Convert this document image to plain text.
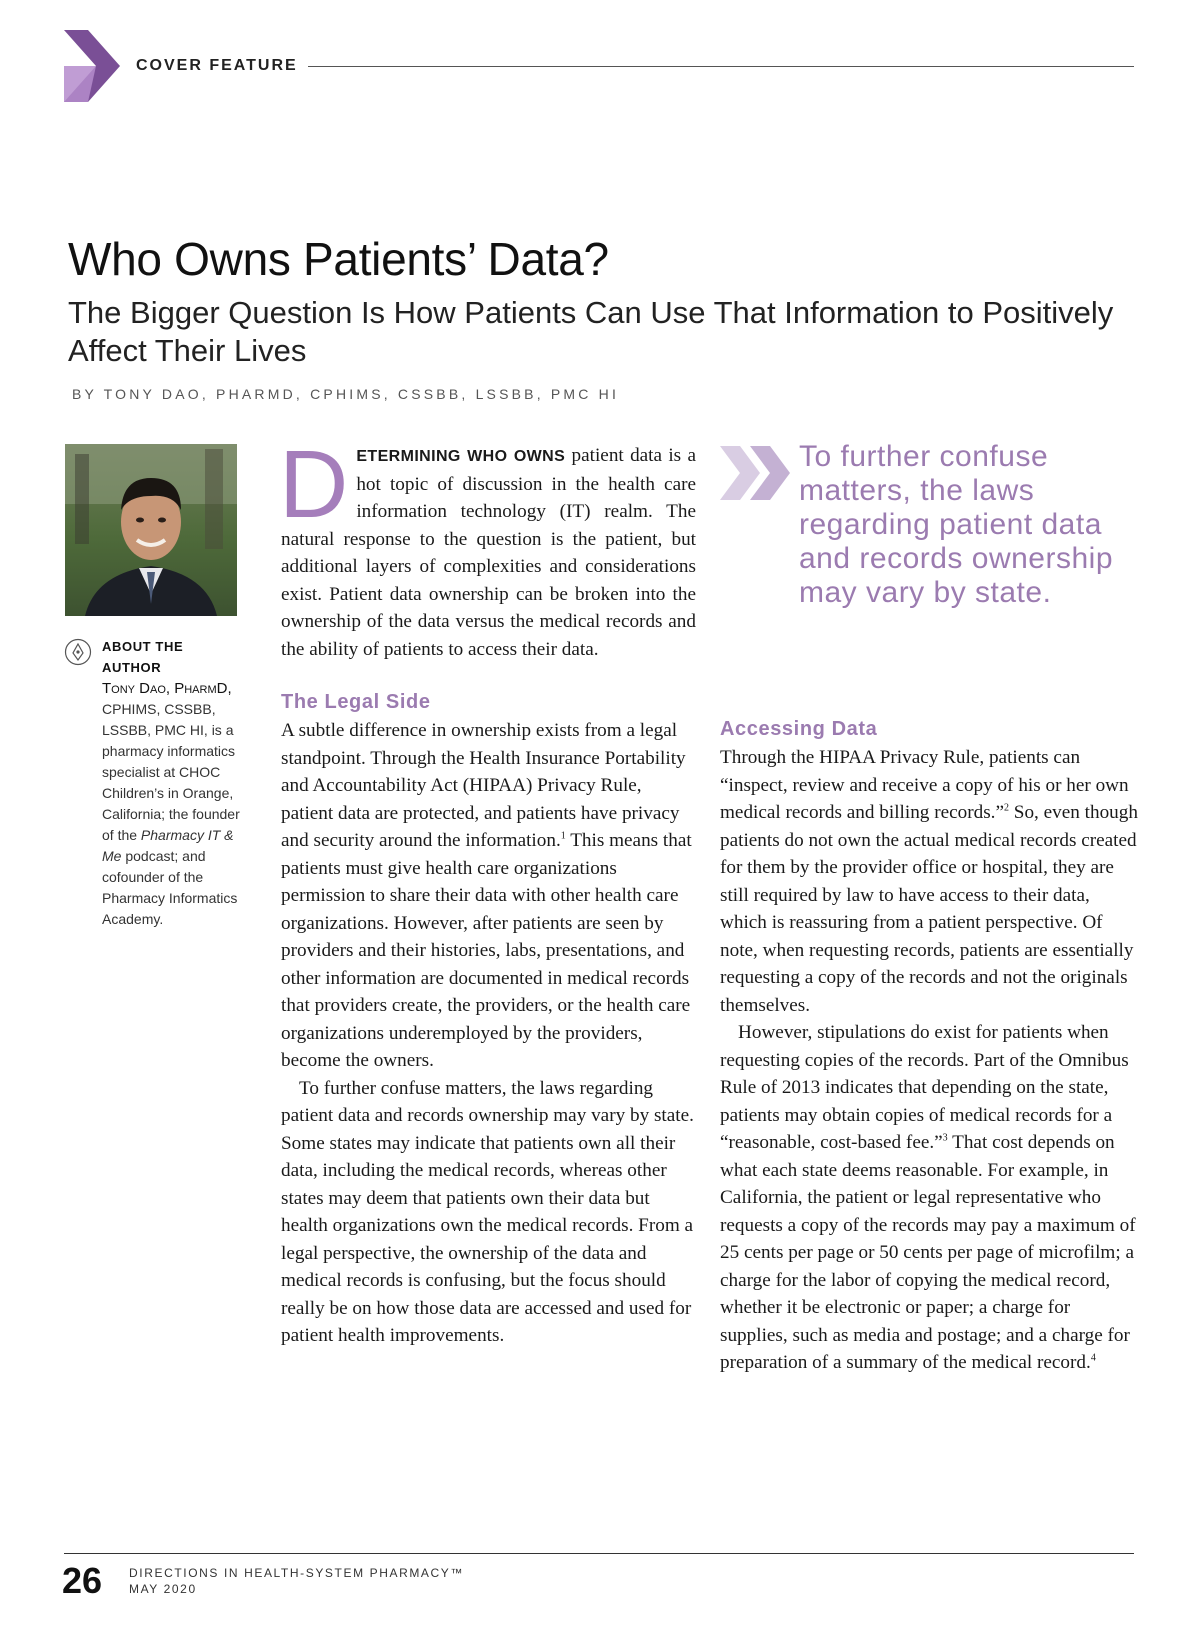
COVER FEATURE
Who Owns Patients’ Data?
The Bigger Question Is How Patients Can Use That Information to Positively Affect Their Lives
BY TONY DAO, PHARMD, CPHIMS, CSSBB, LSSBB, PMC HI
ABOUT THE AUTHOR
Tony Dao, PharmD, CPHIMS, CSSBB, LSSBB, PMC HI, is a pharmacy informatics specialist at CHOC Children’s in Orange, California; the founder of the Pharmacy IT & Me podcast; and cofounder of the Pharmacy Informatics Academy.

DETERMINING WHO OWNS patient data is a hot topic of discussion in the health care information technology (IT) realm. The natural response to the question is the patient, but additional layers of complexities and considerations exist. Patient data ownership can be broken into the ownership of the data versus the medical records and the ability of patients to access their data.

The Legal Side

A subtle difference in ownership exists from a legal standpoint. Through the Health Insurance Portability and Accountability Act (HIPAA) Privacy Rule, patient data are protected, and patients have privacy and security around the information.$^1$ This means that patients must give health care organizations permission to share their data with other health care organizations. However, after patients are seen by providers and their histories, labs, presentations, and other information are documented in medical records that providers create, the providers, or the health care organizations underemployed by the providers, become the owners.

To further confuse matters, the laws regarding patient data and records ownership may vary by state. Some states may indicate that patients own all their data, including the medical records, whereas other states may deem that patients own their data but health organizations own the medical records. From a legal perspective, the ownership of the data and medical records is confusing, but the focus should really be on how those data are accessed and used for patient health improvements.

To further confuse matters, the laws regarding patient data and records ownership may vary by state.
Accessing Data

Through the HIPAA Privacy Rule, patients can “inspect, review and receive a copy of his or her own medical records and billing records.”$^2$ So, even though patients do not own the actual medical records created for them by the provider office or hospital, they are still required by law to have access to their data, which is reassuring from a patient perspective. Of note, when requesting records, patients are essentially requesting a copy of the records and not the originals themselves.

However, stipulations do exist for patients when requesting copies of the records. Part of the Omnibus Rule of 2013 indicates that depending on the state, patients may obtain copies of medical records for a “reasonable, cost-based fee.”$^3$ That cost depends on what each state deems reasonable. For example, in California, the patient or legal representative who requests a copy of the records may pay a maximum of 25 cents per page or 50 cents per page of microfilm; a charge for the labor of copying the medical record, whether it be electronic or paper; a charge for supplies, such as media and postage; and a charge for preparation of a summary of the medical record.$^4$

26 DIRECTIONS IN HEALTH-SYSTEM PHARMACY™
MAY 2020
